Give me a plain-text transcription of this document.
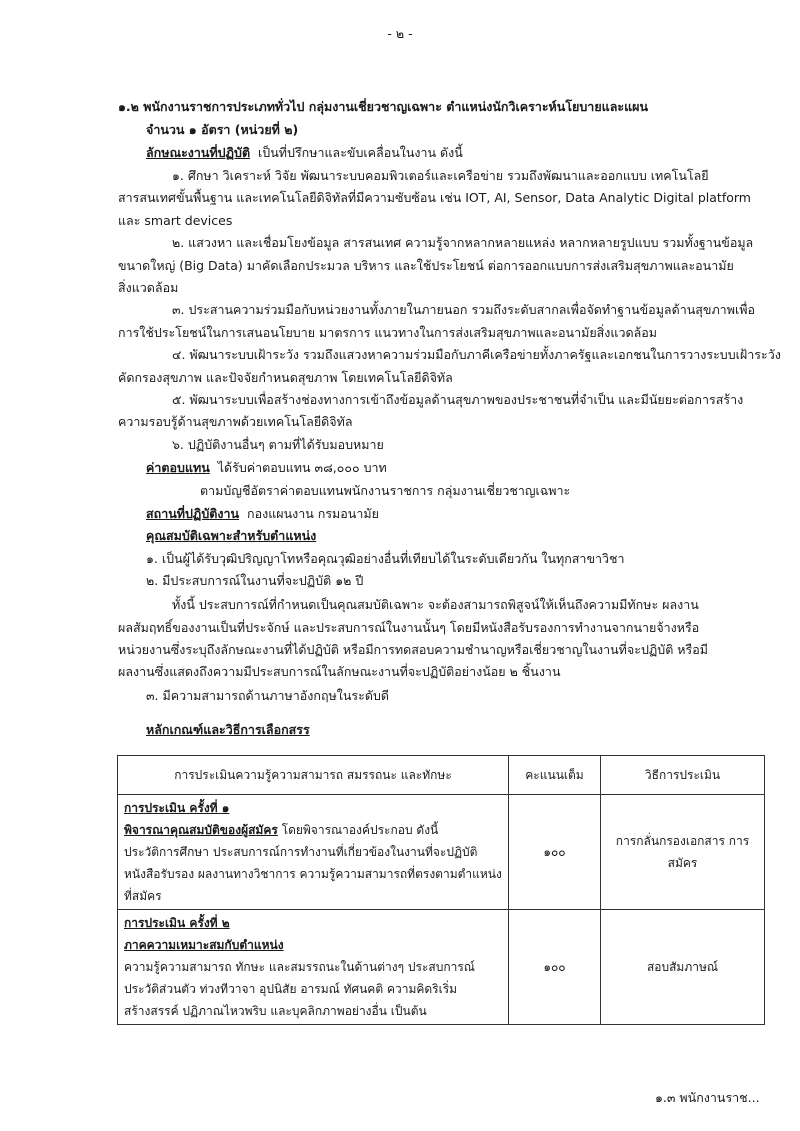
- ๒ -
๑.๒ พนักงานราชการประเภททั่วไป กลุ่มงานเชี่ยวชาญเฉพาะ ตำแหน่งนักวิเคราะห์นโยบายและแผน
จำนวน ๑ อัตรา (หน่วยที่ ๒)
ลักษณะงานที่ปฏิบัติ เป็นที่ปรึกษาและขับเคลื่อนในงาน ดังนี้
๑. ศึกษา วิเคราะห์ วิจัย พัฒนาระบบคอมพิวเตอร์และเครือข่าย รวมถึงพัฒนาและออกแบบ เทคโนโลยี
สารสนเทศขั้นพื้นฐาน และเทคโนโลยีดิจิทัลที่มีความซับซ้อน เช่น IOT, AI, Sensor, Data Analytic Digital platform
และ smart devices
๒. แสวงหา และเชื่อมโยงข้อมูล สารสนเทศ ความรู้จากหลากหลายแหล่ง หลากหลายรูปแบบ รวมทั้งฐานข้อมูล
ขนาดใหญ่ (Big Data) มาคัดเลือกประมวล บริหาร และใช้ประโยชน์ ต่อการออกแบบการส่งเสริมสุขภาพและอนามัย
สิ่งแวดล้อม
๓. ประสานความร่วมมือกับหน่วยงานทั้งภายในภายนอก รวมถึงระดับสากลเพื่อจัดทำฐานข้อมูลด้านสุขภาพเพื่อ
การใช้ประโยชน์ในการเสนอนโยบาย มาตรการ แนวทางในการส่งเสริมสุขภาพและอนามัยสิ่งแวดล้อม
๔. พัฒนาระบบเฝ้าระวัง รวมถึงแสวงหาความร่วมมือกับภาคีเครือข่ายทั้งภาครัฐและเอกชนในการวางระบบเฝ้าระวัง
คัดกรองสุขภาพ และปัจจัยกำหนดสุขภาพ โดยเทคโนโลยีดิจิทัล
๕. พัฒนาระบบเพื่อสร้างช่องทางการเข้าถึงข้อมูลด้านสุขภาพของประชาชนที่จำเป็น และมีนัยยะต่อการสร้าง
ความรอบรู้ด้านสุขภาพด้วยเทคโนโลยีดิจิทัล
๖. ปฏิบัติงานอื่นๆ ตามที่ได้รับมอบหมาย
ค่าตอบแทน ได้รับค่าตอบแทน ๓๘,๐๐๐ บาท
ตามบัญชีอัตราค่าตอบแทนพนักงานราชการ กลุ่มงานเชี่ยวชาญเฉพาะ
สถานที่ปฏิบัติงาน กองแผนงาน กรมอนามัย
คุณสมบัติเฉพาะสำหรับตำแหน่ง
๑. เป็นผู้ได้รับวุฒิปริญญาโทหรือคุณวุฒิอย่างอื่นที่เทียบได้ในระดับเดียวกัน ในทุกสาขาวิชา
๒. มีประสบการณ์ในงานที่จะปฏิบัติ ๑๒ ปี
ทั้งนี้ ประสบการณ์ที่กำหนดเป็นคุณสมบัติเฉพาะ จะต้องสามารถพิสูจน์ให้เห็นถึงความมีทักษะ ผลงาน
ผลสัมฤทธิ์ของงานเป็นที่ประจักษ์ และประสบการณ์ในงานนั้นๆ โดยมีหนังสือรับรองการทำงานจากนายจ้างหรือ
หน่วยงานซึ่งระบุถึงลักษณะงานที่ได้ปฏิบัติ หรือมีการทดสอบความชำนาญหรือเชี่ยวชาญในงานที่จะปฏิบัติ หรือมี
ผลงานซึ่งแสดงถึงความมีประสบการณ์ในลักษณะงานที่จะปฏิบัติอย่างน้อย ๒ ชิ้นงาน
๓. มีความสามารถด้านภาษาอังกฤษในระดับดี
หลักเกณฑ์และวิธีการเลือกสรร
การประเมินความรู้ความสามารถ สมรรถนะ และทักษะ	คะแนนเต็ม	วิธีการประเมิน

การประเมิน ครั้งที่ ๑
พิจารณาคุณสมบัติของผู้สมัคร โดยพิจารณาองค์ประกอบ ดังนี้
ประวัติการศึกษา ประสบการณ์การทำงานที่เกี่ยวข้องในงานที่จะปฏิบัติ หนังสือรับรอง ผลงานทางวิชาการ ความรู้ความสามารถที่ตรงตามตำแหน่งที่สมัคร	๑๐๐	การกลั่นกรองเอกสาร การสมัคร

การประเมิน ครั้งที่ ๒
ภาคความเหมาะสมกับตำแหน่ง
ความรู้ความสามารถ ทักษะ และสมรรถนะในด้านต่างๆ ประสบการณ์ ประวัติส่วนตัว ท่วงทีวาจา อุปนิสัย อารมณ์ ทัศนคติ ความคิดริเริ่มสร้างสรรค์ ปฏิภาณไหวพริบ และบุคลิกภาพอย่างอื่น เป็นต้น	๑๐๐	สอบสัมภาษณ์
๑.๓ พนักงานราช...
